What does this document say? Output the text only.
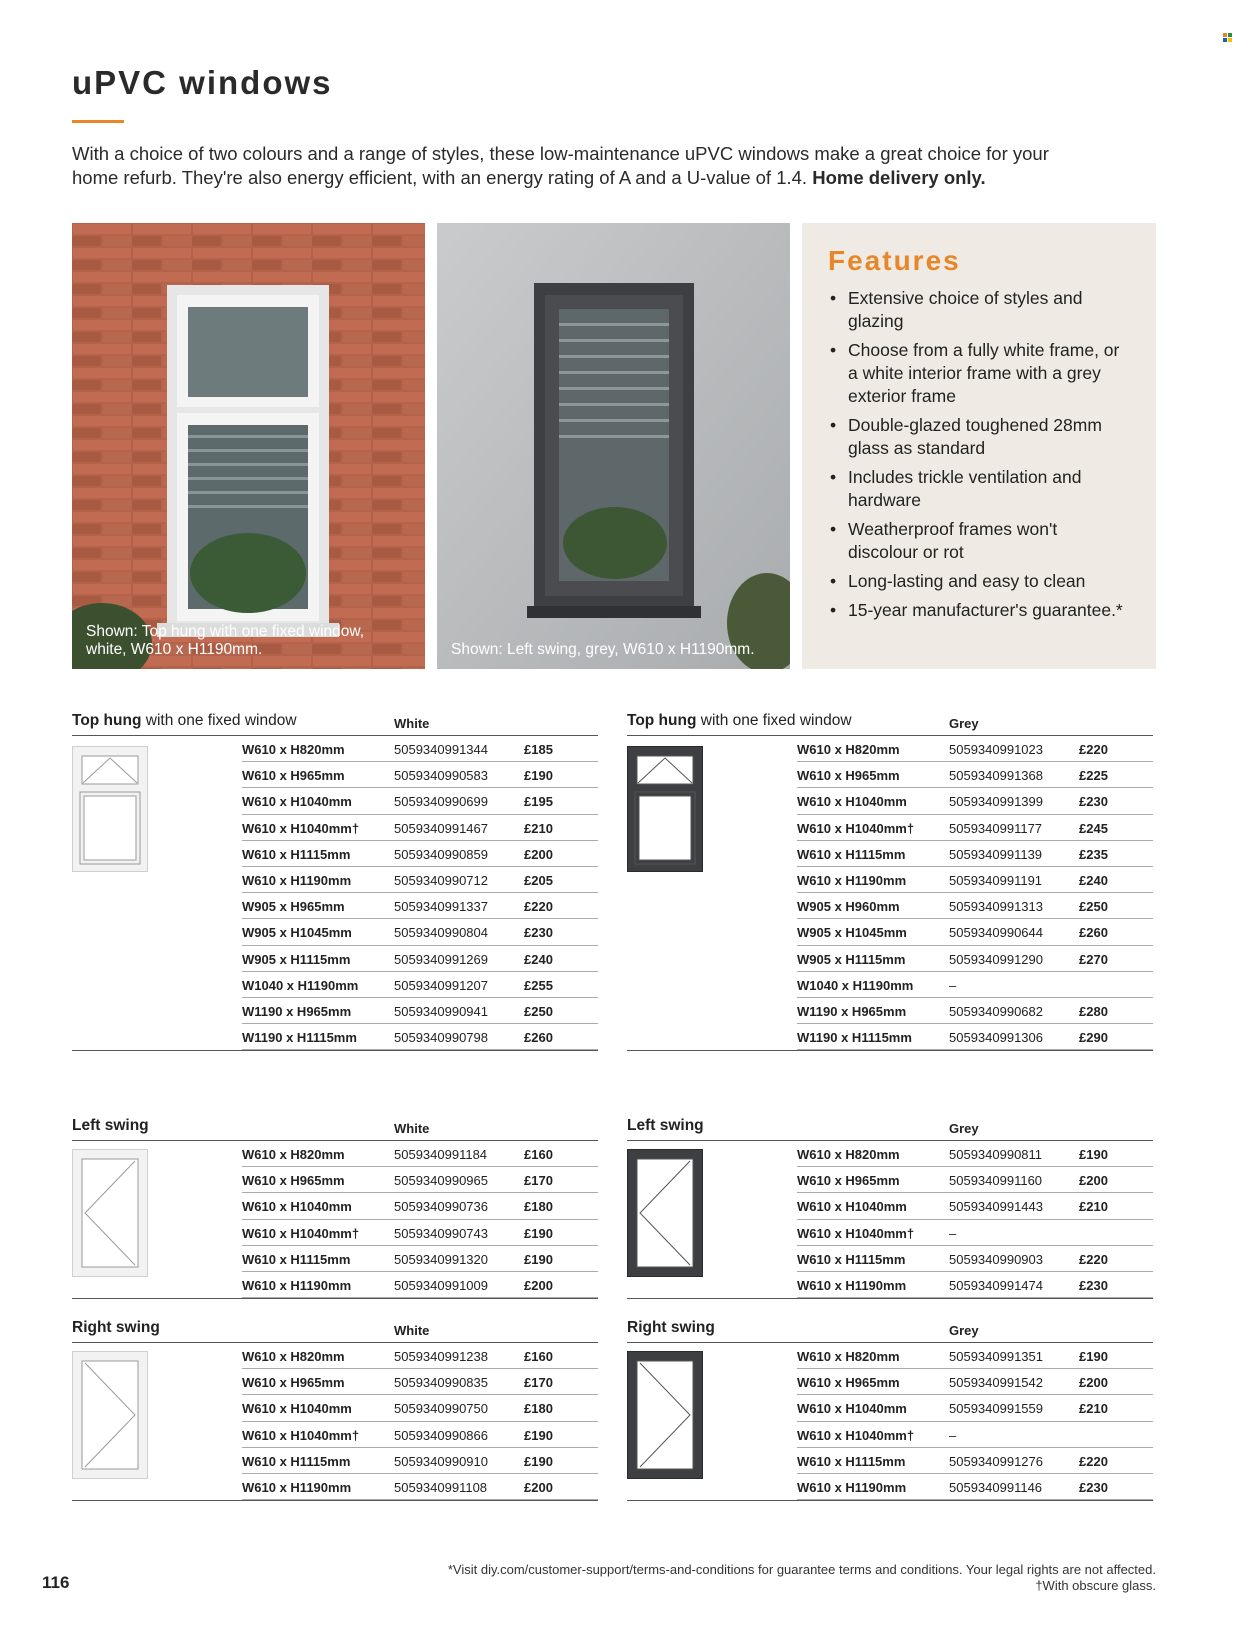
uPVC windows

With a choice of two colours and a range of styles, these low-maintenance uPVC windows make a great choice for your home refurb. They're also energy efficient, with an energy rating of A and a U-value of 1.4. Home delivery only.

Shown: Top hung with one fixed window,
white, W610 x H1190mm.	Shown: Left swing, grey, W610 x H1190mm.
Features
• Extensive choice of styles and glazing
• Choose from a fully white frame, or a white interior frame with a grey exterior frame
• Double-glazed toughened 28mm glass as standard
• Includes trickle ventilation and hardware
• Weatherproof frames won't discolour or rot
• Long-lasting and easy to clean
• 15-year manufacturer's guarantee.*
Top hung with one fixed window	White
W610 x H820mm	5059340991344	£185
W610 x H965mm	5059340990583	£190
W610 x H1040mm	5059340990699	£195
W610 x H1040mm†	5059340991467	£210
W610 x H1115mm	5059340990859	£200
W610 x H1190mm	5059340990712	£205
W905 x H965mm	5059340991337	£220
W905 x H1045mm	5059340990804	£230
W905 x H1115mm	5059340991269	£240
W1040 x H1190mm	5059340991207	£255
W1190 x H965mm	5059340990941	£250
W1190 x H1115mm	5059340990798	£260
Top hung with one fixed window	Grey
W610 x H820mm	5059340991023	£220
W610 x H965mm	5059340991368	£225
W610 x H1040mm	5059340991399	£230
W610 x H1040mm†	5059340991177	£245
W610 x H1115mm	5059340991139	£235
W610 x H1190mm	5059340991191	£240
W905 x H960mm	5059340991313	£250
W905 x H1045mm	5059340990644	£260
W905 x H1115mm	5059340991290	£270
W1040 x H1190mm	–
W1190 x H965mm	5059340990682	£280
W1190 x H1115mm	5059340991306	£290
Left swing	White
W610 x H820mm	5059340991184	£160
W610 x H965mm	5059340990965	£170
W610 x H1040mm	5059340990736	£180
W610 x H1040mm†	5059340990743	£190
W610 x H1115mm	5059340991320	£190
W610 x H1190mm	5059340991009	£200
Left swing	Grey
W610 x H820mm	5059340990811	£190
W610 x H965mm	5059340991160	£200
W610 x H1040mm	5059340991443	£210
W610 x H1040mm†	–
W610 x H1115mm	5059340990903	£220
W610 x H1190mm	5059340991474	£230
Right swing	White
W610 x H820mm	5059340991238	£160
W610 x H965mm	5059340990835	£170
W610 x H1040mm	5059340990750	£180
W610 x H1040mm†	5059340990866	£190
W610 x H1115mm	5059340990910	£190
W610 x H1190mm	5059340991108	£200
Right swing	Grey
W610 x H820mm	5059340991351	£190
W610 x H965mm	5059340991542	£200
W610 x H1040mm	5059340991559	£210
W610 x H1040mm†	–
W610 x H1115mm	5059340991276	£220
W610 x H1190mm	5059340991146	£230
116
*Visit diy.com/customer-support/terms-and-conditions for guarantee terms and conditions. Your legal rights are not affected.
†With obscure glass.
